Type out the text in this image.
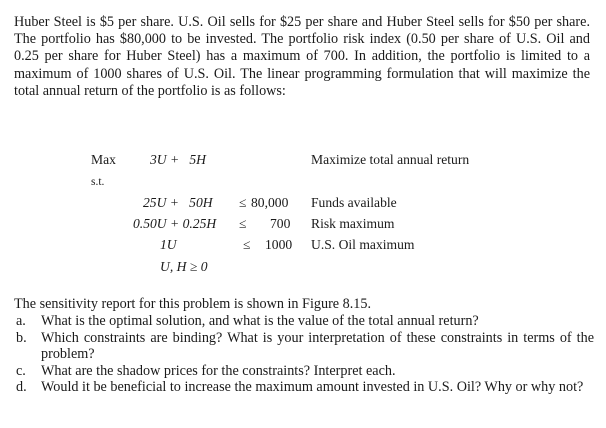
Huber Steel is $5 per share. U.S. Oil sells for $25 per share and Huber Steel sells for $50 per share. The portfolio has $80,000 to be invested. The portfolio risk index (0.50 per share of U.S. Oil and 0.25 per share for Huber Steel) has a maximum of 700. In addition, the portfolio is limited to a maximum of 1000 shares of U.S. Oil. The linear programming formulation that will maximize the total annual return of the portfolio is as follows:

Max	3U +   5H	Maximize total annual return
s.t.
25U +   50H ≤ 80,000 Funds available
0.50U + 0.25H ≤ 700 Risk maximum
1U	≤ 1000 U.S. Oil maximum
U, H ≥ 0
The sensitivity report for this problem is shown in Figure 8.15.
a.	What is the optimal solution, and what is the value of the total annual return?
b.	Which constraints are binding? What is your interpretation of these constraints in terms of the problem?
c.	What are the shadow prices for the constraints? Interpret each.
d.	Would it be beneficial to increase the maximum amount invested in U.S. Oil? Why or why not?
